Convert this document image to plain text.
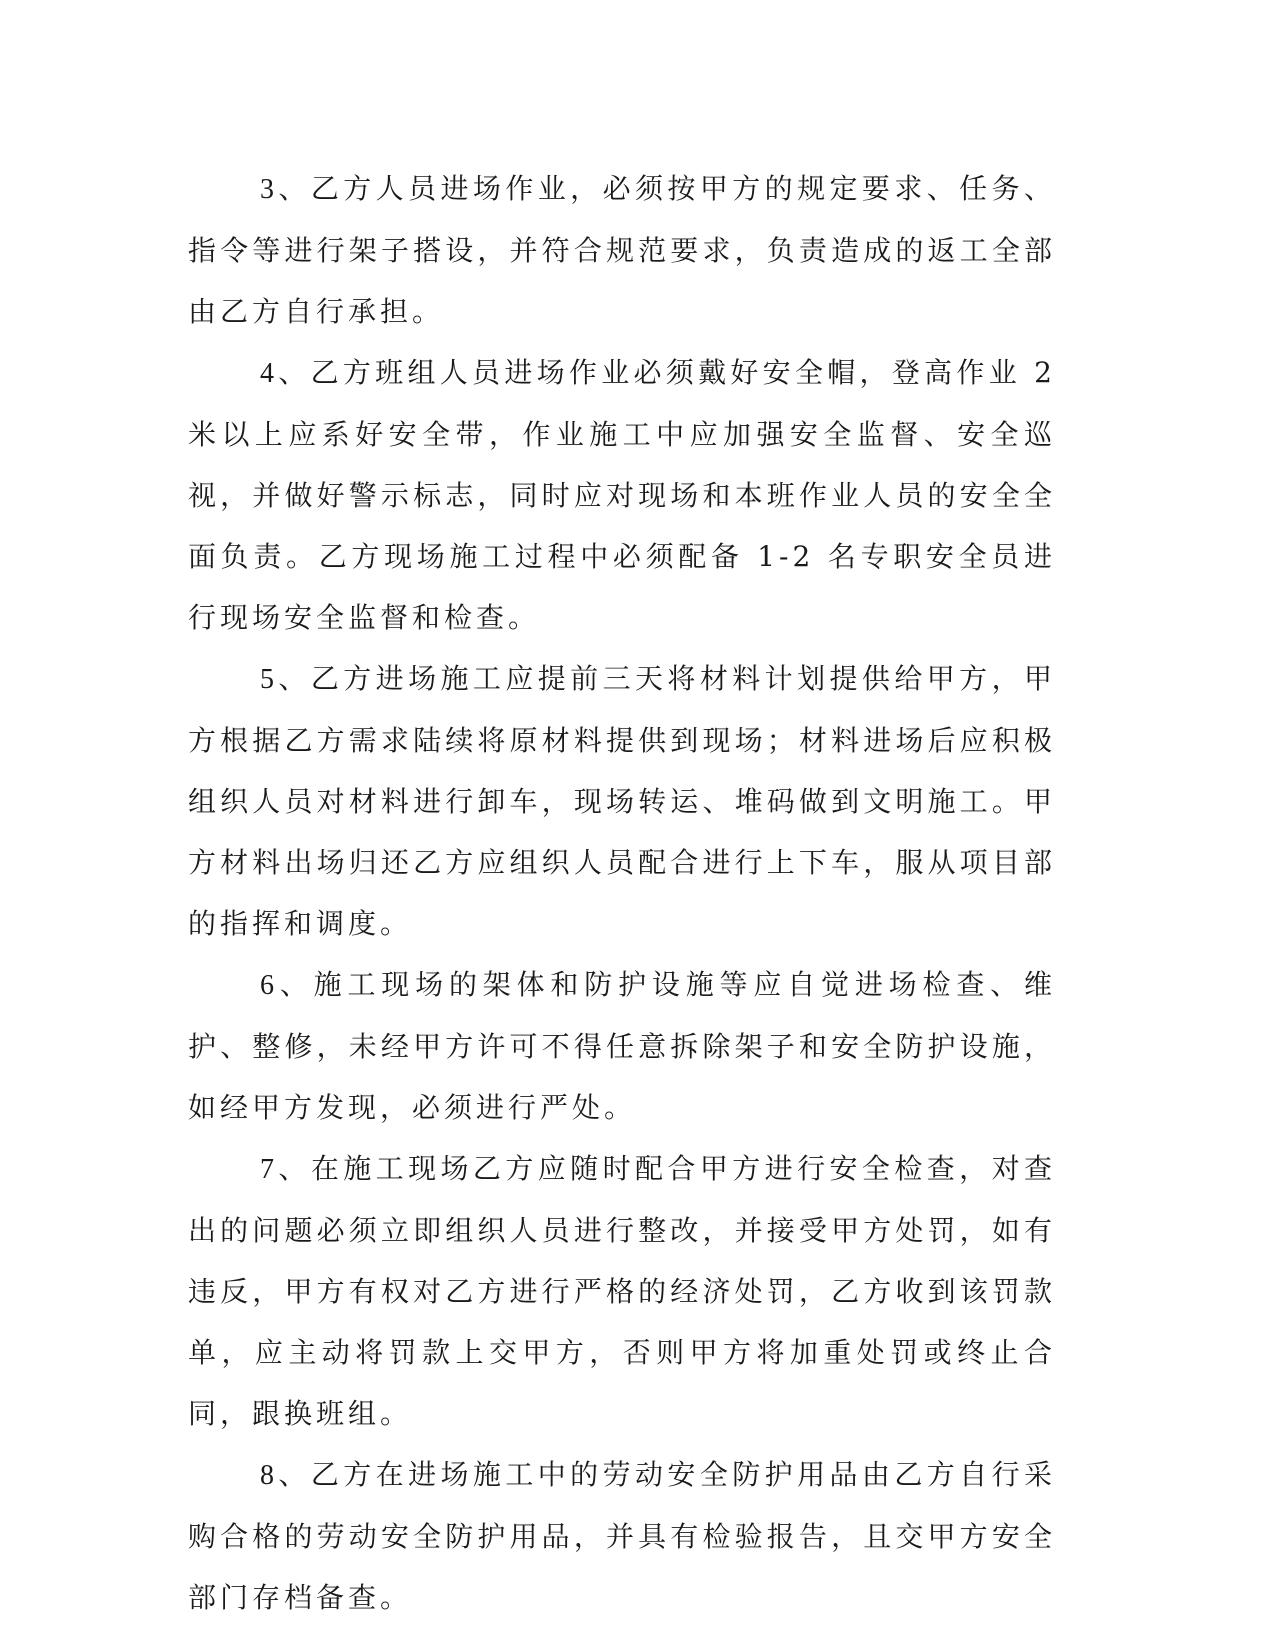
3、乙方人员进场作业，必须按甲方的规定要求、任务、指令等进行架子搭设，并符合规范要求，负责造成的返工全部由乙方自行承担。

4、乙方班组人员进场作业必须戴好安全帽，登高作业 2 米以上应系好安全带，作业施工中应加强安全监督、安全巡视，并做好警示标志，同时应对现场和本班作业人员的安全全面负责。乙方现场施工过程中必须配备 1-2 名专职安全员进行现场安全监督和检查。

5、乙方进场施工应提前三天将材料计划提供给甲方，甲方根据乙方需求陆续将原材料提供到现场；材料进场后应积极组织人员对材料进行卸车，现场转运、堆码做到文明施工。甲方材料出场归还乙方应组织人员配合进行上下车，服从项目部的指挥和调度。

6、施工现场的架体和防护设施等应自觉进场检查、维护、整修，未经甲方许可不得任意拆除架子和安全防护设施，如经甲方发现，必须进行严处。

7、在施工现场乙方应随时配合甲方进行安全检查，对查出的问题必须立即组织人员进行整改，并接受甲方处罚，如有违反，甲方有权对乙方进行严格的经济处罚，乙方收到该罚款单，应主动将罚款上交甲方，否则甲方将加重处罚或终止合同，跟换班组。

8、乙方在进场施工中的劳动安全防护用品由乙方自行采购合格的劳动安全防护用品，并具有检验报告，且交甲方安全部门存档备查。
